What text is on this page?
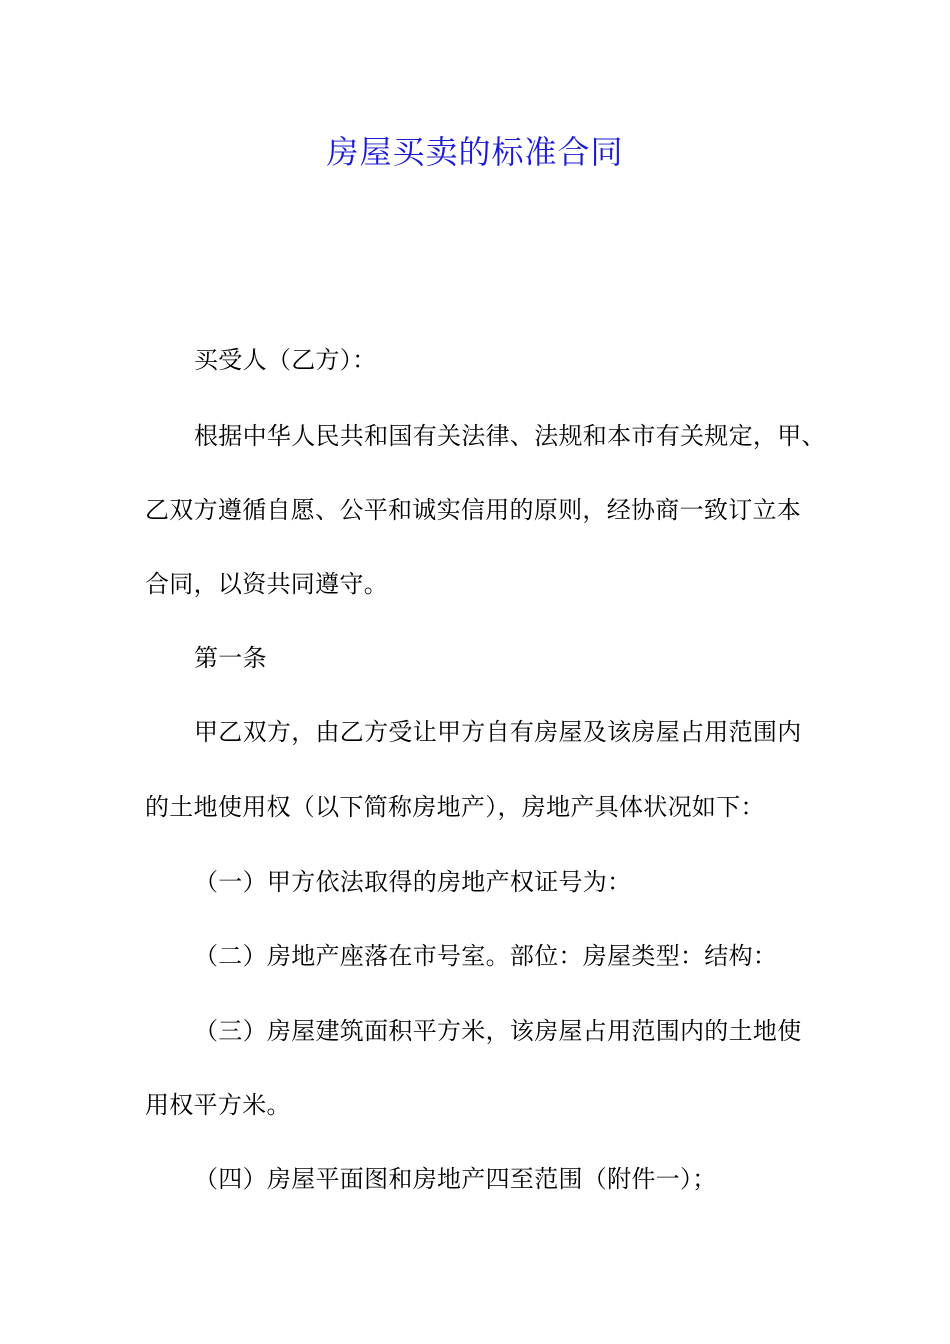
房屋买卖的标准合同
买受人（乙方）：
根据中华人民共和国有关法律、法规和本市有关规定，甲、
乙双方遵循自愿、公平和诚实信用的原则，经协商一致订立本
合同，以资共同遵守。
第一条
甲乙双方，由乙方受让甲方自有房屋及该房屋占用范围内
的土地使用权（以下简称房地产），房地产具体状况如下：
（一）甲方依法取得的房地产权证号为：
（二）房地产座落在市号室。部位：房屋类型：结构：
（三）房屋建筑面积平方米，该房屋占用范围内的土地使
用权平方米。
（四）房屋平面图和房地产四至范围（附件一）；
